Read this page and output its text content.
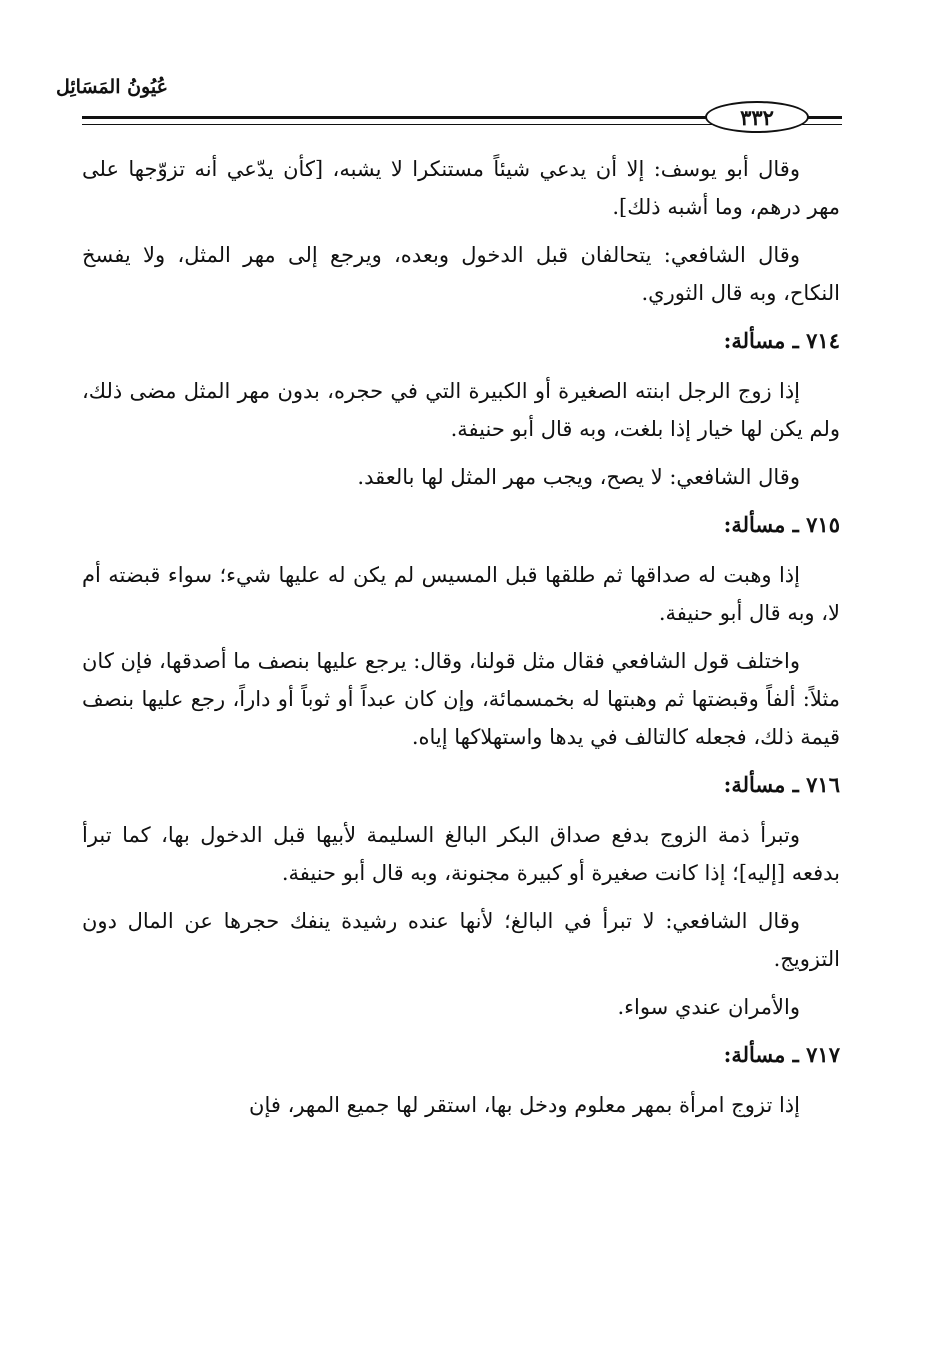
عُيُونُ المَسَائِل
٣٣٢

وقال أبو يوسف: إلا أن يدعي شيئاً مستنكرا لا يشبه، [كأن يدّعي أنه تزوّجها على مهر درهم، وما أشبه ذلك].

وقال الشافعي: يتحالفان قبل الدخول وبعده، ويرجع إلى مهر المثل، ولا يفسخ النكاح، وبه قال الثوري.

٧١٤ ـ مسألة:

إذا زوج الرجل ابنته الصغيرة أو الكبيرة التي في حجره، بدون مهر المثل مضى ذلك، ولم يكن لها خيار إذا بلغت، وبه قال أبو حنيفة.

وقال الشافعي: لا يصح، ويجب مهر المثل لها بالعقد.

٧١٥ ـ مسألة:

إذا وهبت له صداقها ثم طلقها قبل المسيس لم يكن له عليها شيء؛ سواء قبضته أم لا، وبه قال أبو حنيفة.

واختلف قول الشافعي فقال مثل قولنا، وقال: يرجع عليها بنصف ما أصدقها، فإن كان مثلاً: ألفاً وقبضتها ثم وهبتها له بخمسمائة، وإن كان عبداً أو ثوباً أو داراً، رجع عليها بنصف قيمة ذلك، فجعله كالتالف في يدها واستهلاكها إياه.

٧١٦ ـ مسألة:

وتبرأ ذمة الزوج بدفع صداق البكر البالغ السليمة لأبيها قبل الدخول بها، كما تبرأ بدفعه [إليه]؛ إذا كانت صغيرة أو كبيرة مجنونة، وبه قال أبو حنيفة.

وقال الشافعي: لا تبرأ في البالغ؛ لأنها عنده رشيدة ينفك حجرها عن المال دون التزويج.

والأمران عندي سواء.

٧١٧ ـ مسألة:

إذا تزوج امرأة بمهر معلوم ودخل بها، استقر لها جميع المهر، فإن
